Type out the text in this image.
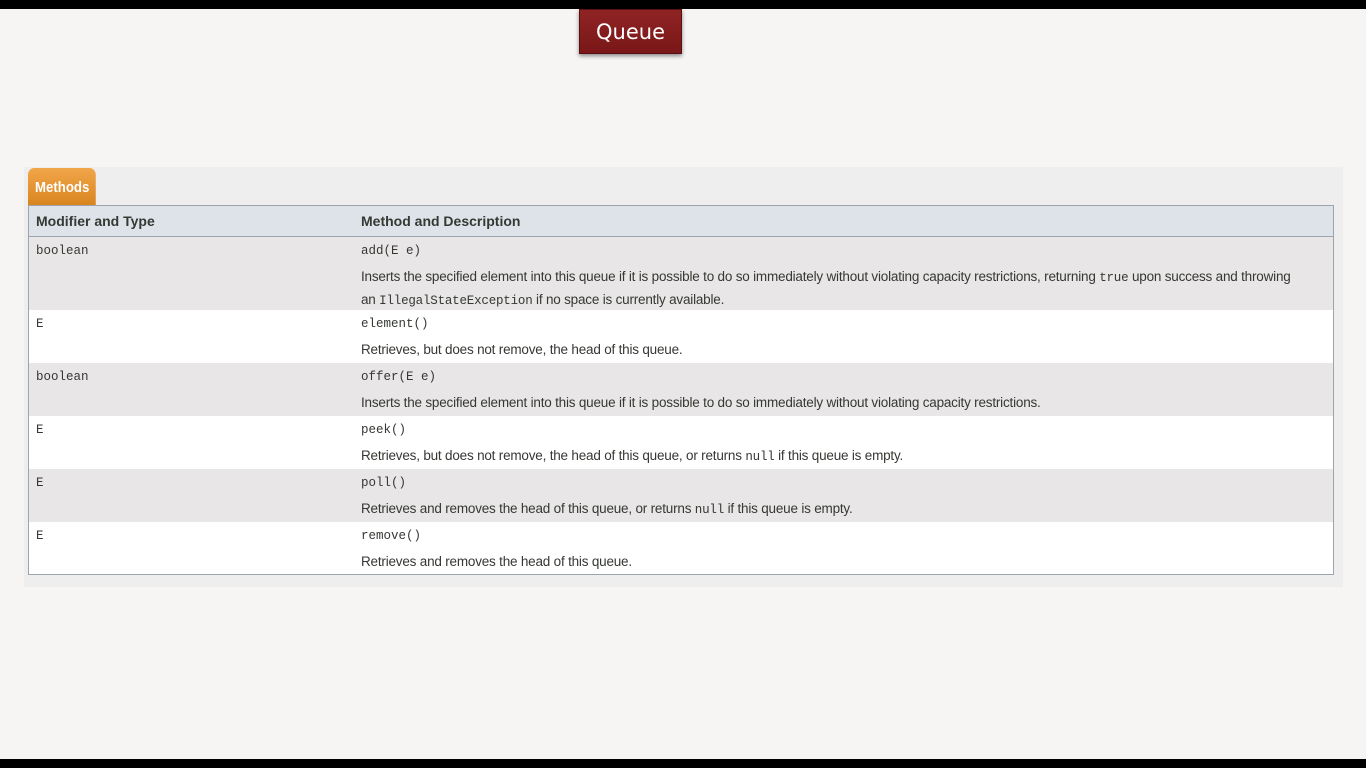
Queue
Methods
Modifier and Type	Method and Description
boolean	add(E e)
Inserts the specified element into this queue if it is possible to do so immediately without violating capacity restrictions, returning true upon success and throwing an IllegalStateException if no space is currently available.
E	element()
Retrieves, but does not remove, the head of this queue.
boolean	offer(E e)
Inserts the specified element into this queue if it is possible to do so immediately without violating capacity restrictions.
E	peek()
Retrieves, but does not remove, the head of this queue, or returns null if this queue is empty.
E	poll()
Retrieves and removes the head of this queue, or returns null if this queue is empty.
E	remove()
Retrieves and removes the head of this queue.
